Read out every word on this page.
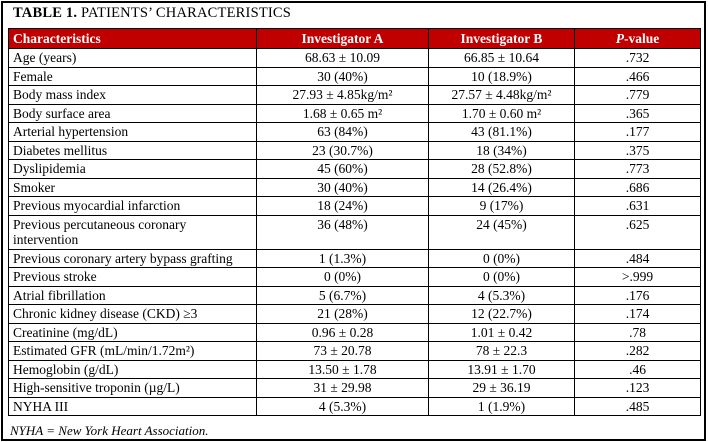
TABLE 1. PATIENTS’ CHARACTERISTICS
Characteristics	Investigator A	Investigator B	P-value
Age (years)	68.63 ± 10.09	66.85 ± 10.64	.732
Female	30 (40%)	10 (18.9%)	.466
Body mass index	27.93 ± 4.85kg/m²	27.57 ± 4.48kg/m²	.779
Body surface area	1.68 ± 0.65 m²	1.70 ± 0.60 m²	.365
Arterial hypertension	63 (84%)	43 (81.1%)	.177
Diabetes mellitus	23 (30.7%)	18 (34%)	.375
Dyslipidemia	45 (60%)	28 (52.8%)	.773
Smoker	30 (40%)	14 (26.4%)	.686
Previous myocardial infarction	18 (24%)	9 (17%)	.631
Previous percutaneous coronary intervention	36 (48%)	24 (45%)	.625
Previous coronary artery bypass grafting	1 (1.3%)	0 (0%)	.484
Previous stroke	0 (0%)	0 (0%)	>.999
Atrial fibrillation	5 (6.7%)	4 (5.3%)	.176
Chronic kidney disease (CKD) ≥3	21 (28%)	12 (22.7%)	.174
Creatinine (mg/dL)	0.96 ± 0.28	1.01 ± 0.42	.78
Estimated GFR (mL/min/1.72m²)	73 ± 20.78	78 ± 22.3	.282
Hemoglobin (g/dL)	13.50 ± 1.78	13.91 ± 1.70	.46
High-sensitive troponin (µg/L)	31 ± 29.98	29 ± 36.19	.123
NYHA III	4 (5.3%)	1 (1.9%)	.485
NYHA = New York Heart Association.
